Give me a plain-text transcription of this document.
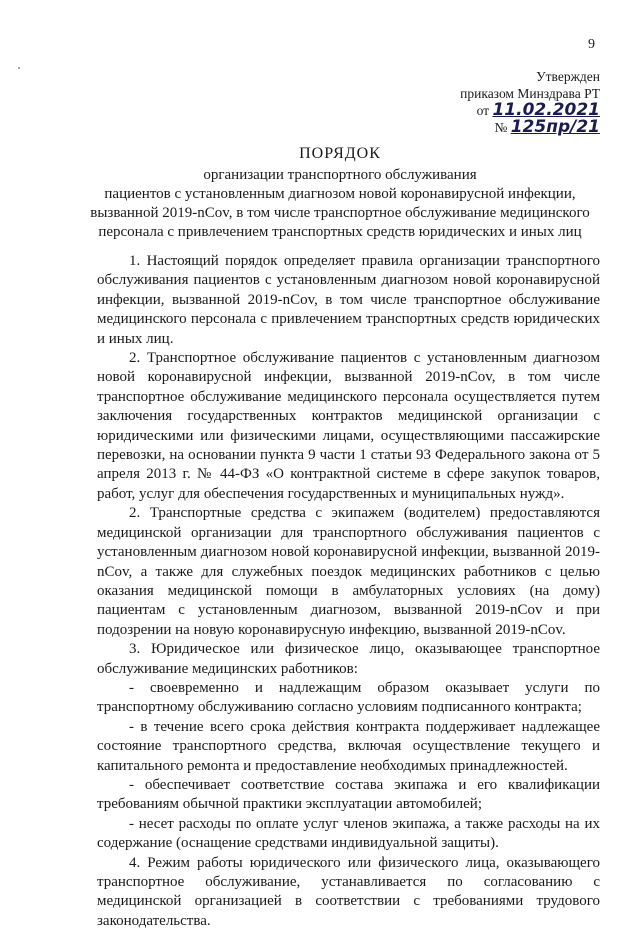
9
Утвержден
приказом Минздрава РТ
от 11.02.2021
№ 125пр/21
ПОРЯДОК
организации транспортного обслуживания
пациентов с установленным диагнозом новой коронавирусной инфекции,
вызванной 2019-nCov, в том числе транспортное обслуживание медицинского
персонала с привлечением транспортных средств юридических и иных лиц

1. Настоящий порядок определяет правила организации транспортного обслуживания пациентов с установленным диагнозом новой коронавирусной инфекции, вызванной 2019-nCov, в том числе транспортное обслуживание медицинского персонала с привлечением транспортных средств юридических и иных лиц.

2. Транспортное обслуживание пациентов с установленным диагнозом новой коронавирусной инфекции, вызванной 2019-nCov, в том числе транспортное обслуживание медицинского персонала осуществляется путем заключения государственных контрактов медицинской организации с юридическими или физическими лицами, осуществляющими пассажирские перевозки, на основании пункта 9 части 1 статьи 93 Федерального закона от 5 апреля 2013 г. № 44-ФЗ «О контрактной системе в сфере закупок товаров, работ, услуг для обеспечения государственных и муниципальных нужд».

2. Транспортные средства с экипажем (водителем) предоставляются медицинской организации для транспортного обслуживания пациентов с установленным диагнозом новой коронавирусной инфекции, вызванной 2019-nCov, а также для служебных поездок медицинских работников с целью оказания медицинской помощи в амбулаторных условиях (на дому) пациентам с установленным диагнозом, вызванной 2019-nCov и при подозрении на новую коронавирусную инфекцию, вызванной 2019-nCov.

3. Юридическое или физическое лицо, оказывающее транспортное обслуживание медицинских работников:

- своевременно и надлежащим образом оказывает услуги по транспортному обслуживанию согласно условиям подписанного контракта;

- в течение всего срока действия контракта поддерживает надлежащее состояние транспортного средства, включая осуществление текущего и капитального ремонта и предоставление необходимых принадлежностей.

- обеспечивает соответствие состава экипажа и его квалификации требованиям обычной практики эксплуатации автомобилей;

- несет расходы по оплате услуг членов экипажа, а также расходы на их содержание (оснащение средствами индивидуальной защиты).

4. Режим работы юридического или физического лица, оказывающего транспортное обслуживание, устанавливается по согласованию с медицинской организацией в соответствии с требованиями трудового законодательства.
